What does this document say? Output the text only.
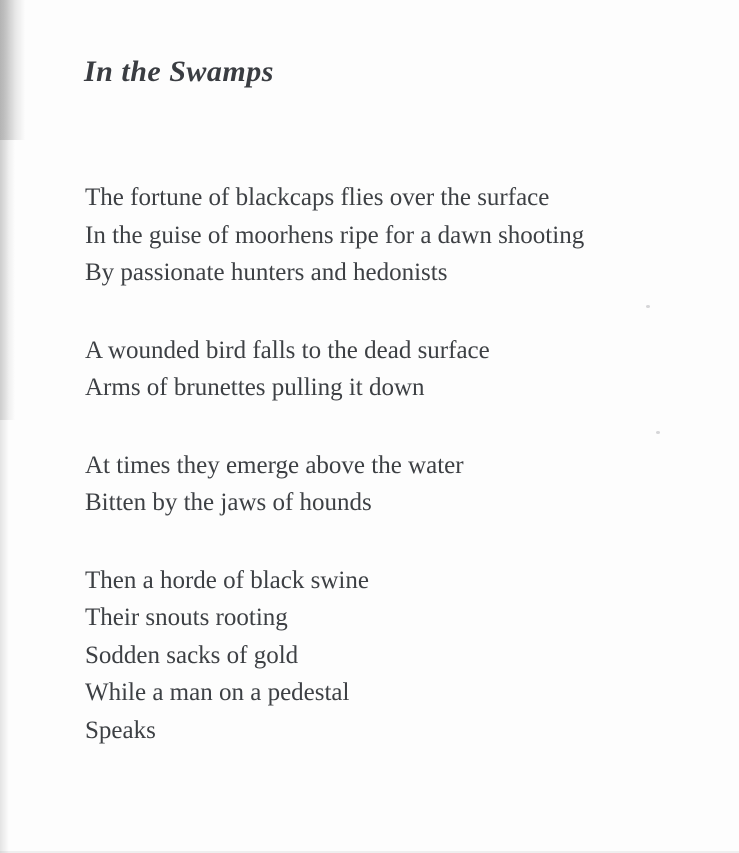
In the Swamps
The fortune of blackcaps flies over the surface
In the guise of moorhens ripe for a dawn shooting
By passionate hunters and hedonists
A wounded bird falls to the dead surface
Arms of brunettes pulling it down
At times they emerge above the water
Bitten by the jaws of hounds
Then a horde of black swine
Their snouts rooting
Sodden sacks of gold
While a man on a pedestal
Speaks
